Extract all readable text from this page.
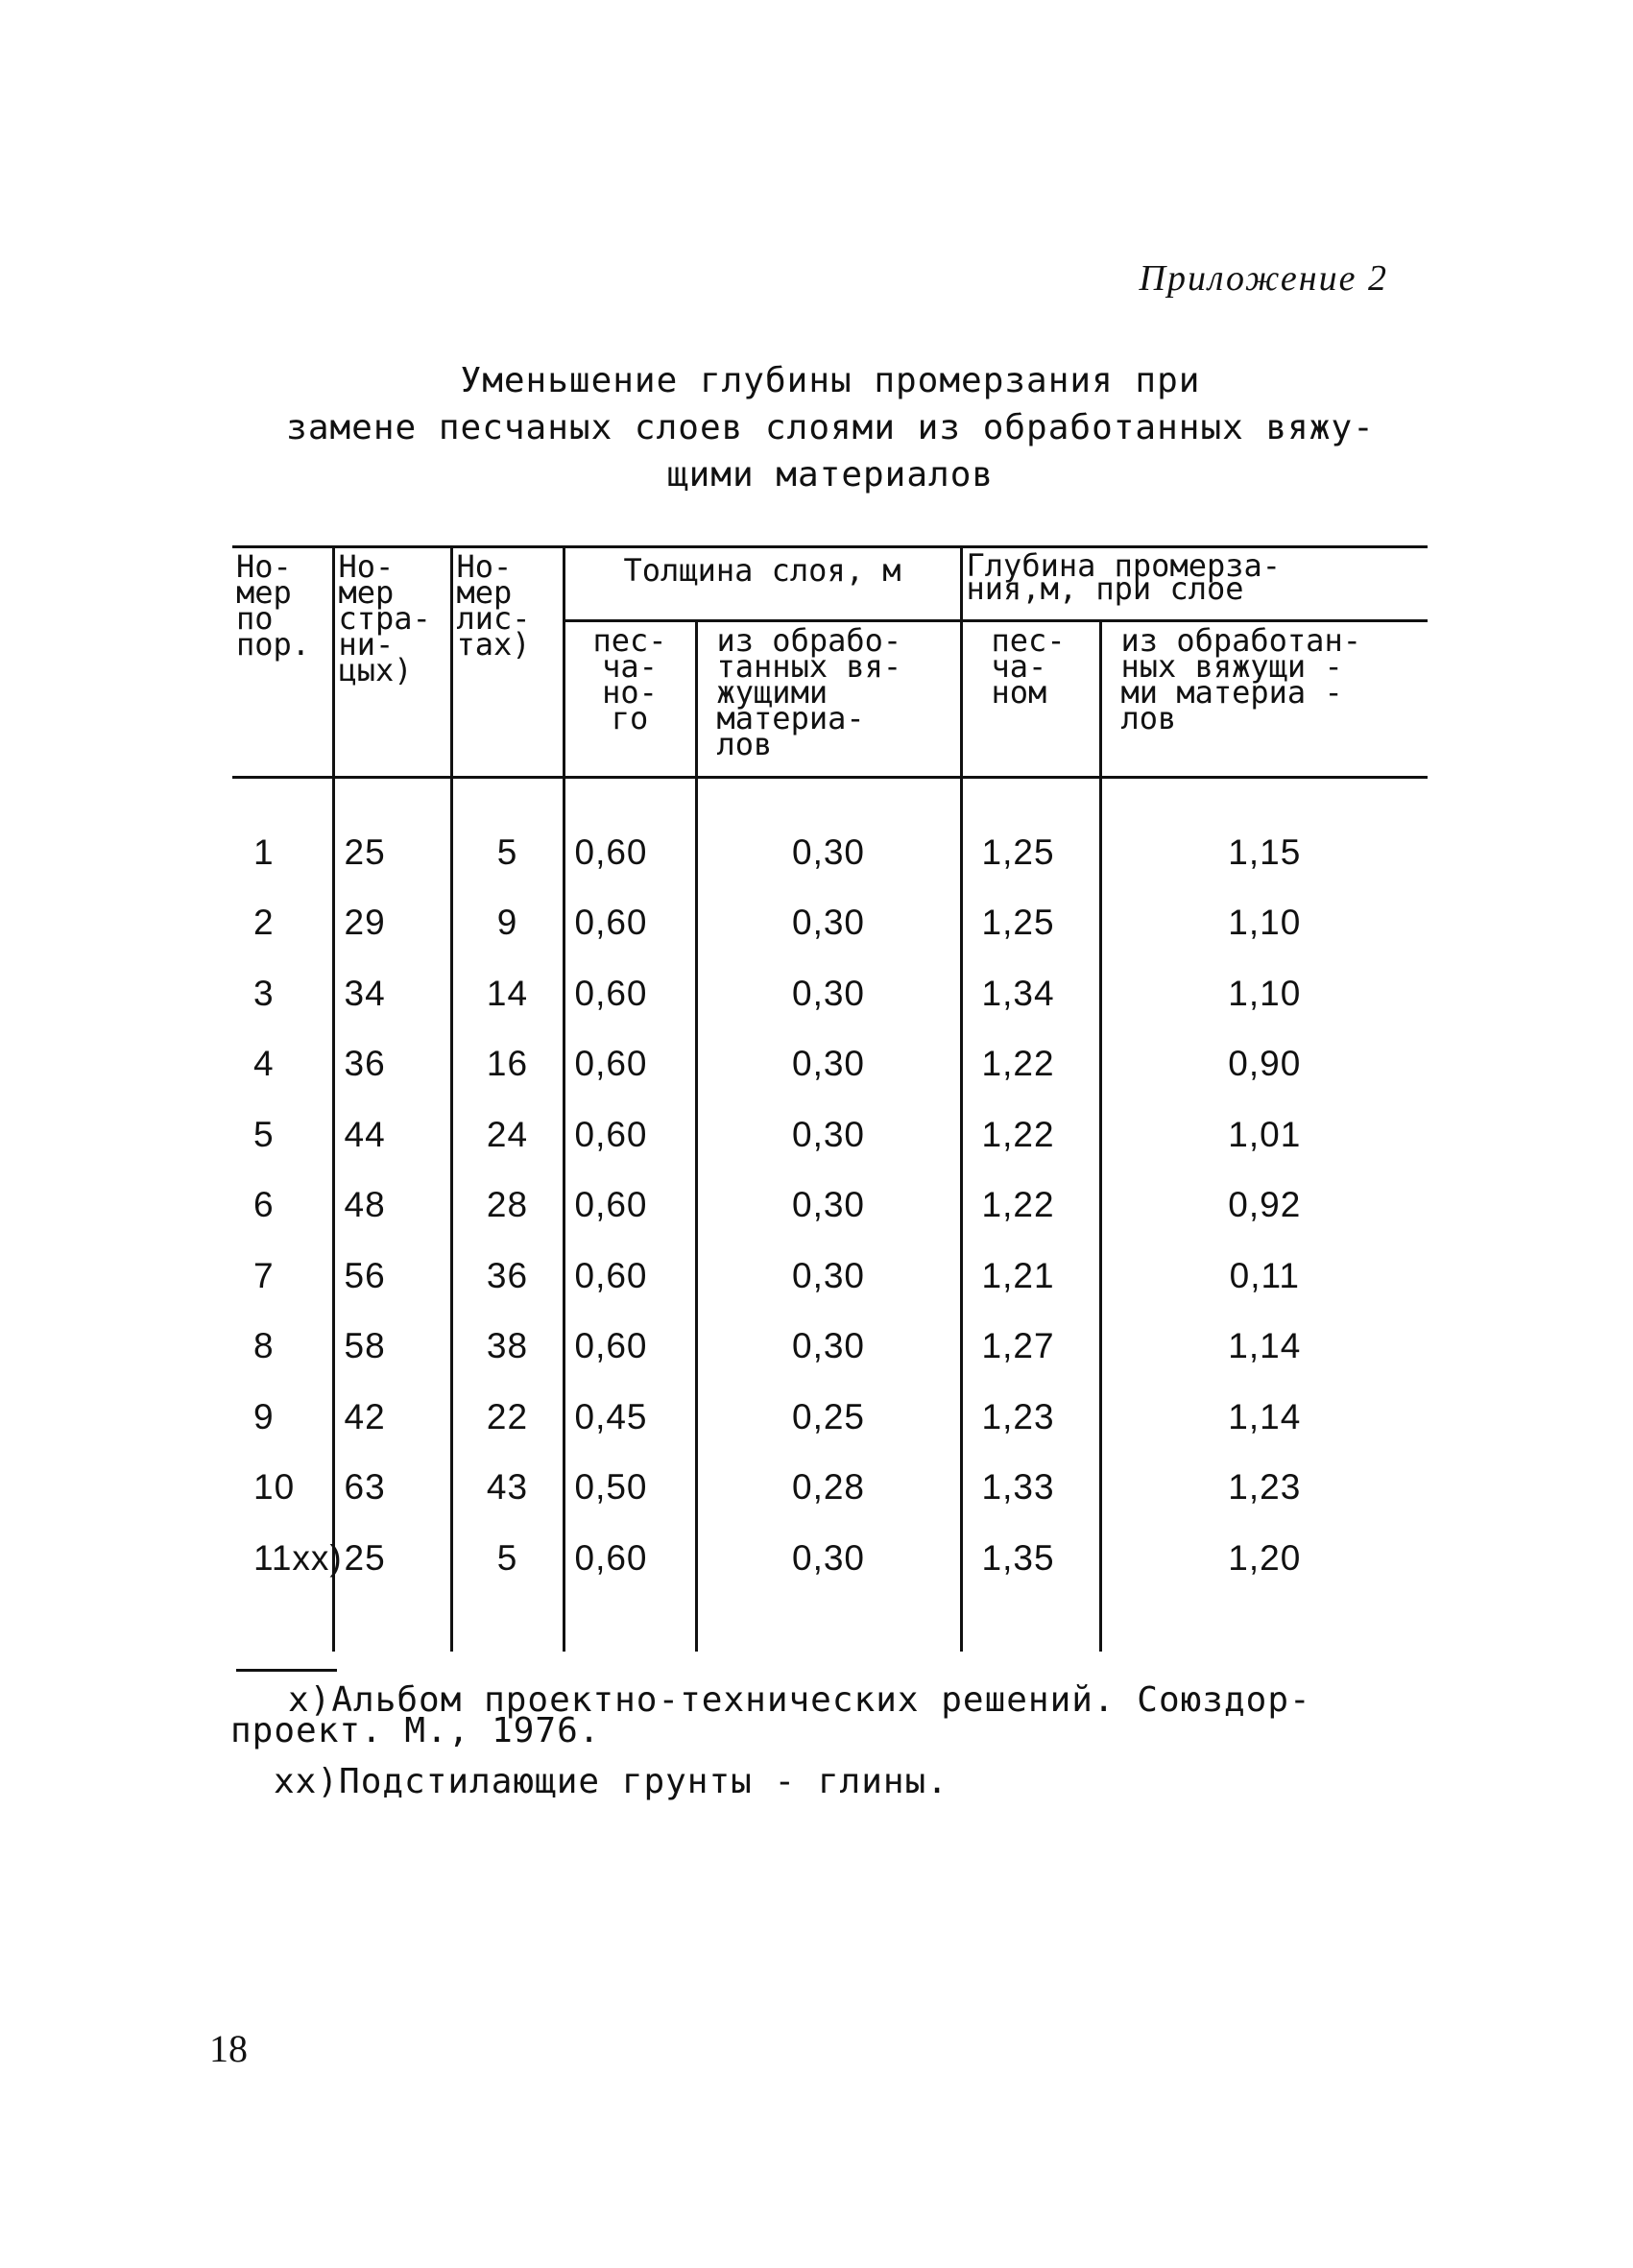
Приложение 2
Уменьшение глубины промерзания при
замене песчаных слоев слоями из обработанных вяжу-
щими материалов
Но-
мер
по
пор.	Но-
мер
стра-
ни-
цыx)	Но-
мер
лис-
таx)	Толщина слоя, м		Глубина промерза-
ния,м, при слое	
			пес-
ча-
но-
го	из обрабо-
танных вя-
жущими
материа-
лов	пес-
ча-
ном	из обработан-
ных вяжущи -
ми материа -
лов

1	25	5	0,60	0,30	1,25	1,15
2	29	9	0,60	0,30	1,25	1,10
3	34	14	0,60	0,30	1,34	1,10
4	36	16	0,60	0,30	1,22	0,90
5	44	24	0,60	0,30	1,22	1,01
6	48	28	0,60	0,30	1,22	0,92
7	56	36	0,60	0,30	1,21	0,11
8	58	38	0,60	0,30	1,27	1,14
9	42	22	0,45	0,25	1,23	1,14
10	63	43	0,50	0,28	1,33	1,23
11xx)	25	5	0,60	0,30	1,35	1,20

x)Альбом проектно-технических решений. Союздор-проект. М., 1976.
xx)Подстилающие грунты - глины.
18
